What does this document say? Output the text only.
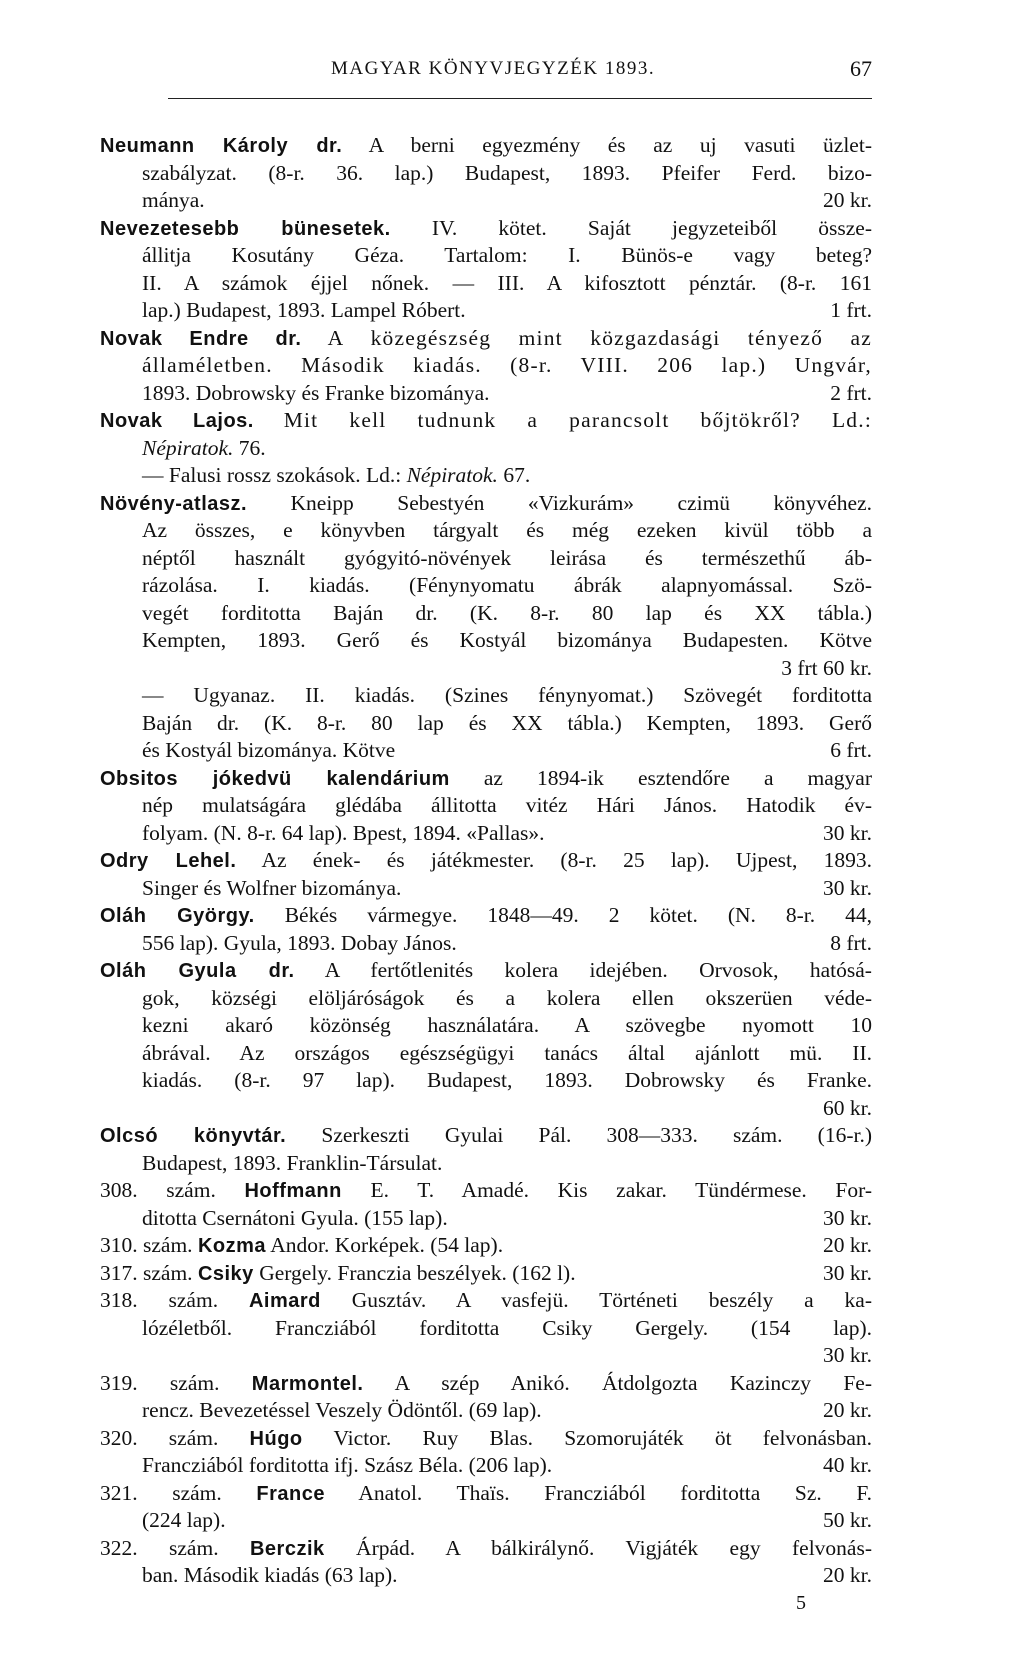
MAGYAR KÖNYVJEGYZÉK 1893.	67
Neumann Károly dr. A berni egyezmény és az uj vasuti üzlet-
szabályzat. (8-r. 36. lap.) Budapest, 1893. Pfeifer Ferd. bizo-
mánya.	20 kr.
Nevezetesebb bünesetek. IV. kötet. Saját jegyzeteiből össze-
állitja Kosutány Géza. Tartalom: I. Bünös-e vagy beteg?
II. A számok éjjel nőnek. — III. A kifosztott pénztár. (8-r. 161
lap.) Budapest, 1893. Lampel Róbert.	1 frt.
Novak Endre dr. A közegészség mint közgazdasági tényező az
államéletben. Második kiadás. (8-r. VIII. 206 lap.) Ungvár,
1893. Dobrowsky és Franke bizománya.	2 frt.
Novak Lajos. Mit kell tudnunk a parancsolt bőjtökről? Ld.:
Népiratok. 76.
— Falusi rossz szokások. Ld.: Népiratok. 67.
Növény-atlasz. Kneipp Sebestyén «Vizkurám» czimü könyvéhez.
Az összes, e könyvben tárgyalt és még ezeken kivül több a
néptől használt gyógyitó-növények leirása és természethű áb-
rázolása. I. kiadás. (Fénynyomatu ábrák alapnyomással. Szö-
vegét forditotta Baján dr. (K. 8-r. 80 lap és XX tábla.)
Kempten, 1893. Gerő és Kostyál bizománya Budapesten. Kötve
3 frt 60 kr.
— Ugyanaz. II. kiadás. (Szines fénynyomat.) Szövegét forditotta
Baján dr. (K. 8-r. 80 lap és XX tábla.) Kempten, 1893. Gerő
és Kostyál bizománya. Kötve	6 frt.
Obsitos jókedvü kalendárium az 1894-ik esztendőre a magyar
nép mulatságára glédába állitotta vitéz Hári János. Hatodik év-
folyam. (N. 8-r. 64 lap). Bpest, 1894. «Pallas».	30 kr.
Odry Lehel. Az ének- és játékmester. (8-r. 25 lap). Ujpest, 1893.
Singer és Wolfner bizománya.	30 kr.
Oláh György. Békés vármegye. 1848—49. 2 kötet. (N. 8-r. 44,
556 lap). Gyula, 1893. Dobay János.	8 frt.
Oláh Gyula dr. A fertőtlenités kolera idejében. Orvosok, hatósá-
gok, községi elöljáróságok és a kolera ellen okszerüen véde-
kezni akaró közönség használatára. A szövegbe nyomott 10
ábrával. Az országos egészségügyi tanács által ajánlott mü. II.
kiadás. (8-r. 97 lap). Budapest, 1893. Dobrowsky és Franke.
60 kr.
Olcsó könyvtár. Szerkeszti Gyulai Pál. 308—333. szám. (16-r.)
Budapest, 1893. Franklin-Társulat.
308. szám. Hoffmann E. T. Amadé. Kis zakar. Tündérmese. For-
ditotta Csernátoni Gyula. (155 lap).	30 kr.
310. szám. Kozma Andor. Korképek. (54 lap).	20 kr.
317. szám. Csiky Gergely. Franczia beszélyek. (162 l).	30 kr.
318. szám. Aimard Gusztáv. A vasfejü. Történeti beszély a ka-
lózéletből. Francziából forditotta Csiky Gergely. (154 lap).
30 kr.
319. szám. Marmontel. A szép Anikó. Átdolgozta Kazinczy Fe-
rencz. Bevezetéssel Veszely Ödöntől. (69 lap).	20 kr.
320. szám. Húgo Victor. Ruy Blas. Szomorujáték öt felvonásban.
Francziából forditotta ifj. Szász Béla. (206 lap).	40 kr.
321. szám. France Anatol. Thaïs. Francziából forditotta Sz. F.
(224 lap).	50 kr.
322. szám. Berczik Árpád. A bálkirálynő. Vigjáték egy felvonás-
ban. Második kiadás (63 lap).	20 kr.
5
